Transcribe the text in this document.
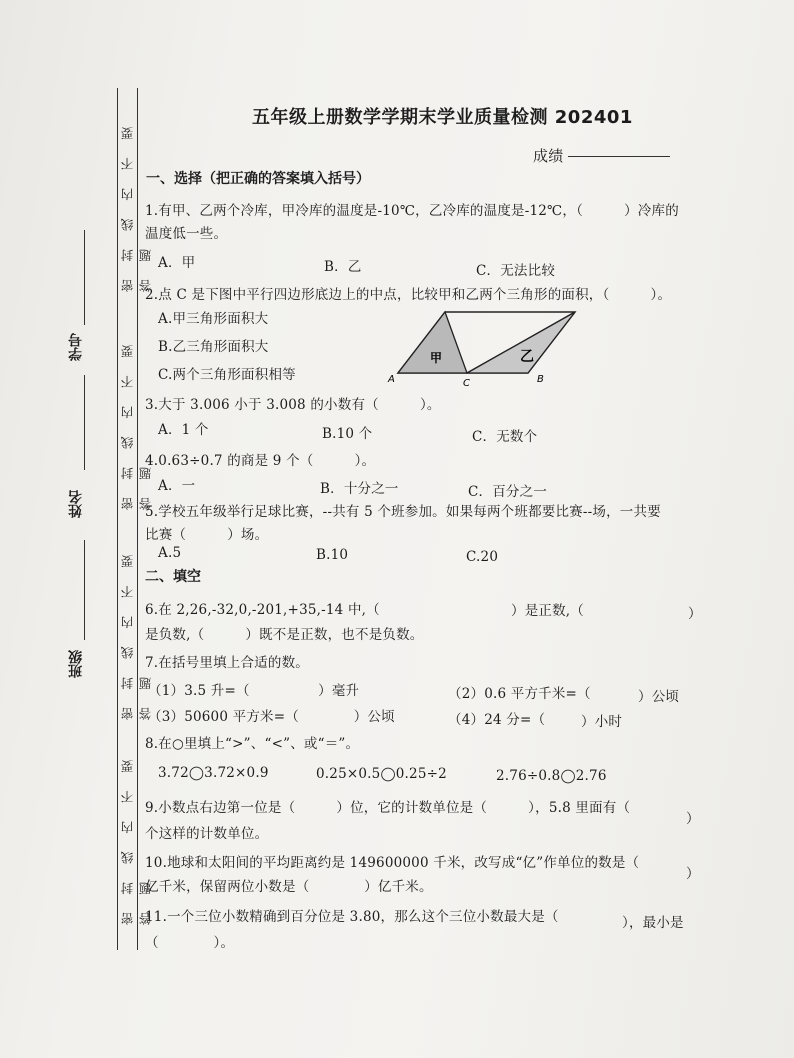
密 封 线 内 不 要 答 题
密 封 线 内 不 要 答 题
密 封 线 内 不 要 答 题
密 封 线 内 不 要 答 题
学号
姓名
班级
五年级上册数学学期末学业质量检测 202401
成绩
一、选择（把正确的答案填入括号）
1.有甲、乙两个冷库，甲冷库的温度是-10℃，乙冷库的温度是-12℃，（　　　）冷库的
温度低一些。
A．甲	B．乙	C．无法比较
2.点 C 是下图中平行四边形底边上的中点，比较甲和乙两个三角形的面积，（　　　）。
A.甲三角形面积大
B.乙三角形面积大
C.两个三角形面积相等
甲	乙
A	C	B
3.大于 3.006 小于 3.008 的小数有（　　　）。
A．1 个	B.10 个	C．无数个
4.0.63÷0.7 的商是 9 个（　　　）。
A．一	B．十分之一	C．百分之一
5.学校五年级举行足球比赛，--共有 5 个班参加。如果每两个班都要比赛--场，一共要
比赛（　　　）场。
A.5	B.10	C.20
二、填空
6.在 2,26,-32,0,-201,+35,-14 中,（	）是正数,（	）
是负数,（　　　）既不是正数，也不是负数。
7.在括号里填上合适的数。
（1）3.5 升=（　　　　　）毫升	（2）0.6 平方千米=（	）公顷
（3）50600 平方米=（　　　　）公顷	（4）24 分=（	）小时
8.在○里填上“>”、“<”、或“＝”。
3.72◯3.72×0.9	0.25×0.5◯0.25÷2	2.76÷0.8◯2.76
9.小数点右边第一位是（　　　）位，它的计数单位是（　　　），5.8 里面有（
）
个这样的计数单位。
10.地球和太阳间的平均距离约是 149600000 千米，改写成“亿”作单位的数是（
）
亿千米，保留两位小数是（　　　　）亿千米。
11.一个三位小数精确到百分位是 3.80，那么这个三位小数最大是（	），最小是
（　　　　）。
